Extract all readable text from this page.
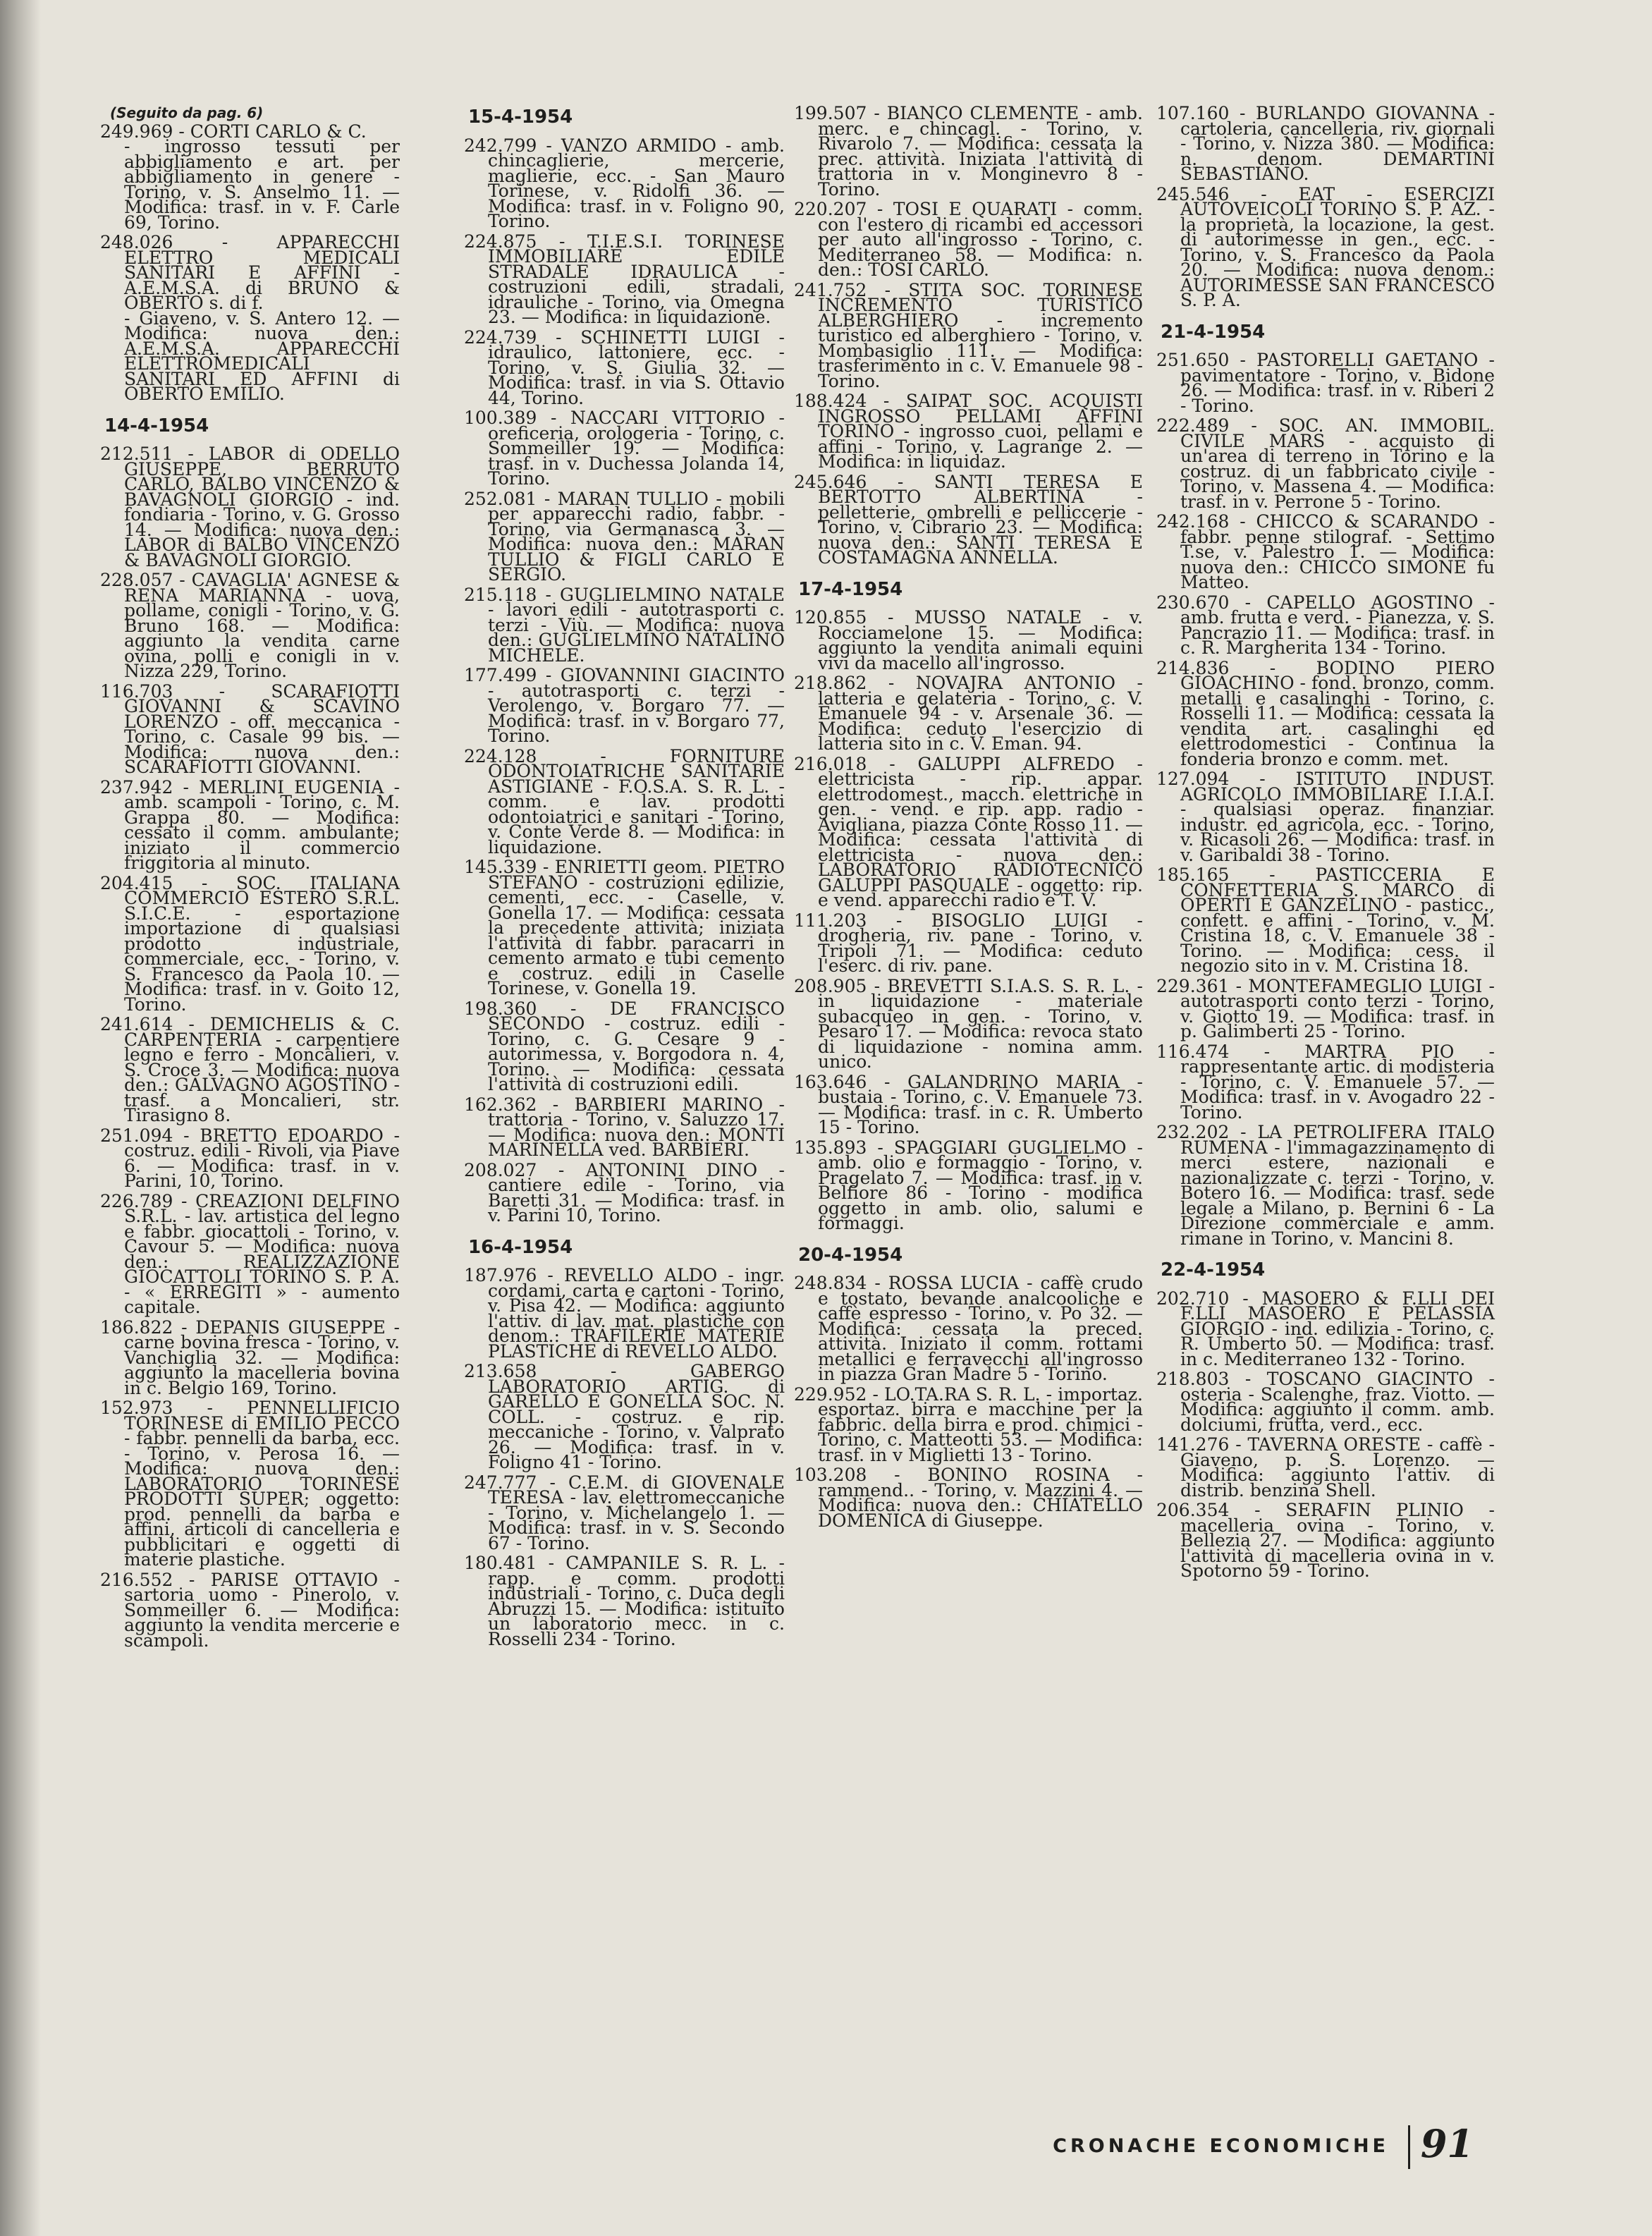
(Seguito da pag. 6)
249.969 - CORTI CARLO & C.
- ingrosso tessuti per abbigliamento e art. per abbigliamento in genere - Torino, v. S. Anselmo 11. — Modifica: trasf. in v. F. Carle 69, Torino.
248.026 - APPARECCHI ELETTRO MEDICALI SANITARI E AFFINI - A.E.M.S.A. di BRUNO & OBERTO s. di f.
- Giaveno, v. S. Antero 12. — Modifica: nuova den.: A.E.M.S.A. APPARECCHI ELETTROMEDICALI SANITARI ED AFFINI di OBERTO EMILIO.
14-4-1954
212.511 - LABOR di ODELLO GIUSEPPE, BERRUTO CARLO, BALBO VINCENZO & BAVAGNOLI GIORGIO - ind. fondiaria - Torino, v. G. Grosso 14. — Modifica: nuova den.: LABOR di BALBO VINCENZO & BAVAGNOLI GIORGIO.
228.057 - CAVAGLIA' AGNESE & RENA MARIANNA - uova, pollame, conigli - Torino, v. G. Bruno 168. — Modifica: aggiunto la vendita carne ovina, polli e conigli in v. Nizza 229, Torino.
116.703 - SCARAFIOTTI GIOVANNI & SCAVINO LORENZO - off. meccanica - Torino, c. Casale 99 bis. — Modifica: nuova den.: SCARAFIOTTI GIOVANNI.
237.942 - MERLINI EUGENIA - amb. scampoli - Torino, c. M. Grappa 80. — Modifica: cessato il comm. ambulante; iniziato il commercio friggitoria al minuto.
204.415 - SOC. ITALIANA COMMERCIO ESTERO S.R.L. S.I.C.E. - esportazione importazione di qualsiasi prodotto industriale, commerciale, ecc. - Torino, v. S. Francesco da Paola 10. — Modifica: trasf. in v. Goito 12, Torino.
241.614 - DEMICHELIS & C. CARPENTERIA - carpentiere legno e ferro - Moncalieri, v. S. Croce 3. — Modifica: nuova den.: GALVAGNO AGOSTINO - trasf. a Moncalieri, str. Tirasigno 8.
251.094 - BRETTO EDOARDO - costruz. edili - Rivoli, via Piave 6. — Modifica: trasf. in v. Parini, 10, Torino.
226.789 - CREAZIONI DELFINO S.R.L. - lav. artistica del legno e fabbr. giocattoli - Torino, v. Cavour 5. — Modifica: nuova den.: REALIZZAZIONE GIOCATTOLI TORINO S. P. A. - « ERREGITI » - aumento capitale.
186.822 - DEPANIS GIUSEPPE - carne bovina fresca - Torino, v. Vanchiglia 32. — Modifica: aggiunto la macelleria bovina in c. Belgio 169, Torino.
152.973 - PENNELLIFICIO TORINESE di EMILIO PECCO - fabbr. pennelli da barba, ecc. - Torino, v. Perosa 16. — Modifica: nuova den.: LABORATORIO TORINESE PRODOTTI SUPER; oggetto: prod. pennelli da barba e affini, articoli di cancelleria e pubblicitari e oggetti di materie plastiche.
216.552 - PARISE OTTAVIO - sartoria uomo - Pinerolo, v. Sommeiller 6. — Modifica: aggiunto la vendita mercerie e scampoli.
15-4-1954
242.799 - VANZO ARMIDO - amb. chincaglierie, mercerie, maglierie, ecc. - San Mauro Torinese, v. Ridolfi 36. — Modifica: trasf. in v. Foligno 90, Torino.
224.875 - T.I.E.S.I. TORINESE IMMOBILIARE EDILE STRADALE IDRAULICA - costruzioni edili, stradali, idrauliche - Torino, via Omegna 23. — Modifica: in liquidazione.
224.739 - SCHINETTI LUIGI - idraulico, lattoniere, ecc. - Torino, v. S. Giulia 32. — Modifica: trasf. in via S. Ottavio 44, Torino.
100.389 - NACCARI VITTORIO - oreficeria, orologeria - Torino, c. Sommeiller 19. — Modifica: trasf. in v. Duchessa Jolanda 14, Torino.
252.081 - MARAN TULLIO - mobili per apparecchi radio, fabbr. - Torino, via Germanasca 3. — Modifica: nuova den.: MARAN TULLIO & FIGLI CARLO E SERGIO.
215.118 - GUGLIELMINO NATALE - lavori edili - autotrasporti c. terzi - Viù. — Modifica: nuova den.: GUGLIELMINO NATALINO MICHELE.
177.499 - GIOVANNINI GIACINTO - autotrasporti c. terzi - Verolengo, v. Borgaro 77. — Modifica: trasf. in v. Borgaro 77, Torino.
224.128 - FORNITURE ODONTOIATRICHE SANITARIE ASTIGIANE - F.O.S.A. S. R. L. - comm. e lav. prodotti odontoiatrici e sanitari - Torino, v. Conte Verde 8. — Modifica: in liquidazione.
145.339 - ENRIETTI geom. PIETRO STEFANO - costruzioni edilizie, cementi, ecc. - Caselle, v. Gonella 17. — Modifica: cessata la precedente attività; iniziata l'attività di fabbr. paracarri in cemento armato e tubi cemento e costruz. edili in Caselle Torinese, v. Gonella 19.
198.360 - DE FRANCISCO SECONDO - costruz. edili - Torino, c. G. Cesare 9 - autorimessa, v. Borgodora n. 4, Torino. — Modifica: cessata l'attività di costruzioni edili.
162.362 - BARBIERI MARINO - trattoria - Torino, v. Saluzzo 17. — Modifica: nuova den.: MONTI MARINELLA ved. BARBIERI.
208.027 - ANTONINI DINO - cantiere edile - Torino, via Baretti 31. — Modifica: trasf. in v. Parini 10, Torino.
16-4-1954
187.976 - REVELLO ALDO - ingr. cordami, carta e cartoni - Torino, v. Pisa 42. — Modifica: aggiunto l'attiv. di lav. mat. plastiche con denom.: TRAFILERIE MATERIE PLASTICHE di REVELLO ALDO.
213.658 - GABERGO LABORATORIO ARTIG. di GARELLO E GONELLA SOC. N. COLL. - costruz. e rip. meccaniche - Torino, v. Valprato 26. — Modifica: trasf. in v. Foligno 41 - Torino.
247.777 - C.E.M. di GIOVENALE TERESA - lav. elettromeccaniche - Torino, v. Michelangelo 1. — Modifica: trasf. in v. S. Secondo 67 - Torino.
180.481 - CAMPANILE S. R. L. - rapp. e comm. prodotti industriali - Torino, c. Duca degli Abruzzi 15. — Modifica: istituito un laboratorio mecc. in c. Rosselli 234 - Torino.
199.507 - BIANCO CLEMENTE - amb. merc. e chincagl. - Torino, v. Rivarolo 7. — Modifica: cessata la prec. attività. Iniziata l'attività di trattoria in v. Monginevro 8 - Torino.
220.207 - TOSI E QUARATI - comm. con l'estero di ricambi ed accessori per auto all'ingrosso - Torino, c. Mediterraneo 58. — Modifica: n. den.: TOSI CARLO.
241.752 - STITA SOC. TORINESE INCREMENTO TURISTICO ALBERGHIERO - incremento turistico ed alberghiero - Torino, v. Mombasiglio 111. — Modifica: trasferimento in c. V. Emanuele 98 - Torino.
188.424 - SAIPAT SOC. ACQUISTI INGROSSO PELLAMI AFFINI TORINO - ingrosso cuoi, pellami e affini - Torino, v. Lagrange 2. — Modifica: in liquidaz.
245.646 - SANTI TERESA E BERTOTTO ALBERTINA - pelletterie, ombrelli e pelliccerie - Torino, v. Cibrario 23. — Modifica: nuova den.: SANTI TERESA E COSTAMAGNA ANNELLA.
17-4-1954
120.855 - MUSSO NATALE - v. Rocciamelone 15. — Modifica: aggiunto la vendita animali equini vivi da macello all'ingrosso.
218.862 - NOVAJRA ANTONIO - latteria e gelateria - Torino, c. V. Emanuele 94 - v. Arsenale 36. — Modifica: ceduto l'esercizio di latteria sito in c. V. Eman. 94.
216.018 - GALUPPI ALFREDO - elettricista - rip. appar. elettrodomest., macch. elettriche in gen. - vend. e rip. app. radio - Avigliana, piazza Conte Rosso 11. — Modifica: cessata l'attività di elettricista - nuova den.: LABORATORIO RADIOTECNICO GALUPPI PASQUALE - oggetto: rip. e vend. apparecchi radio e T. V.
111.203 - BISOGLIO LUIGI - drogheria, riv. pane - Torino, v. Tripoli 71. — Modifica: ceduto l'eserc. di riv. pane.
208.905 - BREVETTI S.I.A.S. S. R. L. - in liquidazione - materiale subacqueo in gen. - Torino, v. Pesaro 17. — Modifica: revoca stato di liquidazione - nomina amm. unico.
163.646 - GALANDRINO MARIA - bustaia - Torino, c. V. Emanuele 73. — Modifica: trasf. in c. R. Umberto 15 - Torino.
135.893 - SPAGGIARI GUGLIELMO - amb. olio e formaggio - Torino, v. Pragelato 7. — Modifica: trasf. in v. Belfiore 86 - Torino - modifica oggetto in amb. olio, salumi e formaggi.
20-4-1954
248.834 - ROSSA LUCIA - caffè crudo e tostato, bevande analcooliche e caffè espresso - Torino, v. Po 32. — Modifica: cessata la preced. attività. Iniziato il comm. rottami metallici e ferravecchi all'ingrosso in piazza Gran Madre 5 - Torino.
229.952 - LO.TA.RA S. R. L. - importaz. esportaz. birra e macchine per la fabbric. della birra e prod. chimici - Torino, c. Matteotti 53. — Modifica: trasf. in v Miglietti 13 - Torino.
103.208 - BONINO ROSINA - rammend.. - Torino, v. Mazzini 4. — Modifica: nuova den.: CHIATELLO DOMENICA di Giuseppe.
107.160 - BURLANDO GIOVANNA - cartoleria, cancelleria, riv. giornali - Torino, v. Nizza 380. — Modifica: n. denom. DEMARTINI SEBASTIANO.
245.546 - EAT - ESERCIZI AUTOVEICOLI TORINO S. P. AZ. - la proprietà, la locazione, la gest. di autorimesse in gen., ecc. - Torino, v. S. Francesco da Paola 20. — Modifica: nuova denom.: AUTORIMESSE SAN FRANCESCO S. P. A.
21-4-1954
251.650 - PASTORELLI GAETANO - pavimentatore - Torino, v. Bidone 26. — Modifica: trasf. in v. Riberi 2 - Torino.
222.489 - SOC. AN. IMMOBIL. CIVILE MARS - acquisto di un'area di terreno in Torino e la costruz. di un fabbricato civile - Torino, v. Massena 4. — Modifica: trasf. in v. Perrone 5 - Torino.
242.168 - CHICCO & SCARANDO - fabbr. penne stilograf. - Settimo T.se, v. Palestro 1. — Modifica: nuova den.: CHICCO SIMONE fu Matteo.
230.670 - CAPELLO AGOSTINO - amb. frutta e verd. - Pianezza, v. S. Pancrazio 11. — Modifica: trasf. in c. R. Margherita 134 - Torino.
214.836 - BODINO PIERO GIOACHINO - fond. bronzo, comm. metalli e casalinghi - Torino, c. Rosselli 11. — Modifica: cessata la vendita art. casalinghi ed elettrodomestici - Continua la fonderia bronzo e comm. met.
127.094 - ISTITUTO INDUST. AGRICOLO IMMOBILIARE I.I.A.I. - qualsiasi operaz. finanziar. industr. ed agricola, ecc. - Torino, v. Ricasoli 26. — Modifica: trasf. in v. Garibaldi 38 - Torino.
185.165 - PASTICCERIA E CONFETTERIA S. MARCO di OPERTI E GANZELINO - pasticc., confett. e affini - Torino, v. M. Cristina 18, c. V. Emanuele 38 - Torino. — Modifica: cess. il negozio sito in v. M. Cristina 18.
229.361 - MONTEFAMEGLIO LUIGI - autotrasporti conto terzi - Torino, v. Giotto 19. — Modifica: trasf. in p. Galimberti 25 - Torino.
116.474 - MARTRA PIO - rappresentante artic. di modisteria - Torino, c. V. Emanuele 57. — Modifica: trasf. in v. Avogadro 22 - Torino.
232.202 - LA PETROLIFERA ITALO RUMENA - l'immagazzinamento di merci estere, nazionali e nazionalizzate c. terzi - Torino, v. Botero 16. — Modifica: trasf. sede legale a Milano, p. Bernini 6 - La Direzione commerciale e amm. rimane in Torino, v. Mancini 8.
22-4-1954
202.710 - MASOERO & F.LLI DEI F.LLI MASOERO E PELASSIA GIORGIO - ind. edilizia - Torino, c. R. Umberto 50. — Modifica: trasf. in c. Mediterraneo 132 - Torino.
218.803 - TOSCANO GIACINTO - osteria - Scalenghe, fraz. Viotto. — Modifica: aggiunto il comm. amb. dolciumi, frutta, verd., ecc.
141.276 - TAVERNA ORESTE - caffè - Giaveno, p. S. Lorenzo. — Modifica: aggiunto l'attiv. di distrib. benzina Shell.
206.354 - SERAFIN PLINIO - macelleria ovina - Torino, v. Bellezia 27. — Modifica: aggiunto l'attività di macelleria ovina in v. Spotorno 59 - Torino.
CRONACHE ECONOMICHE 91
